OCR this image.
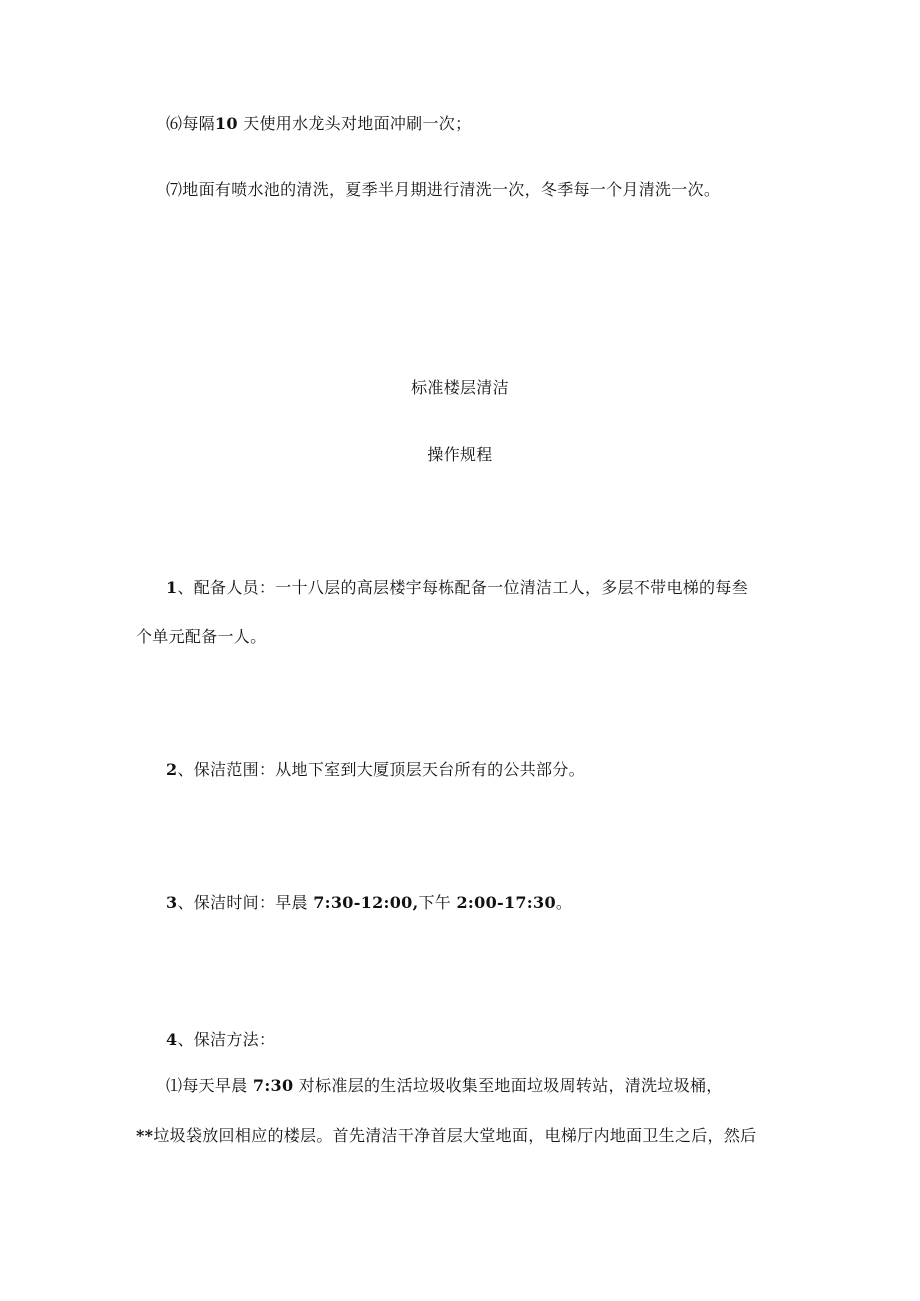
⑹每隔10 天使用水龙头对地面冲刷一次；
⑺地面有喷水池的清洗，夏季半月期进行清洗一次，冬季每一个月清洗一次。
标准楼层清洁
操作规程
1、配备人员：一十八层的高层楼宇每栋配备一位清洁工人，多层不带电梯的每叁
个单元配备一人。
2、保洁范围：从地下室到大厦顶层天台所有的公共部分。
3、保洁时间：早晨 7:30-12:00,下午 2:00-17:30。
4、保洁方法：
⑴每天早晨 7:30 对标准层的生活垃圾收集至地面垃圾周转站，清洗垃圾桶，
**垃圾袋放回相应的楼层。首先清洁干净首层大堂地面，电梯厅内地面卫生之后，然后
